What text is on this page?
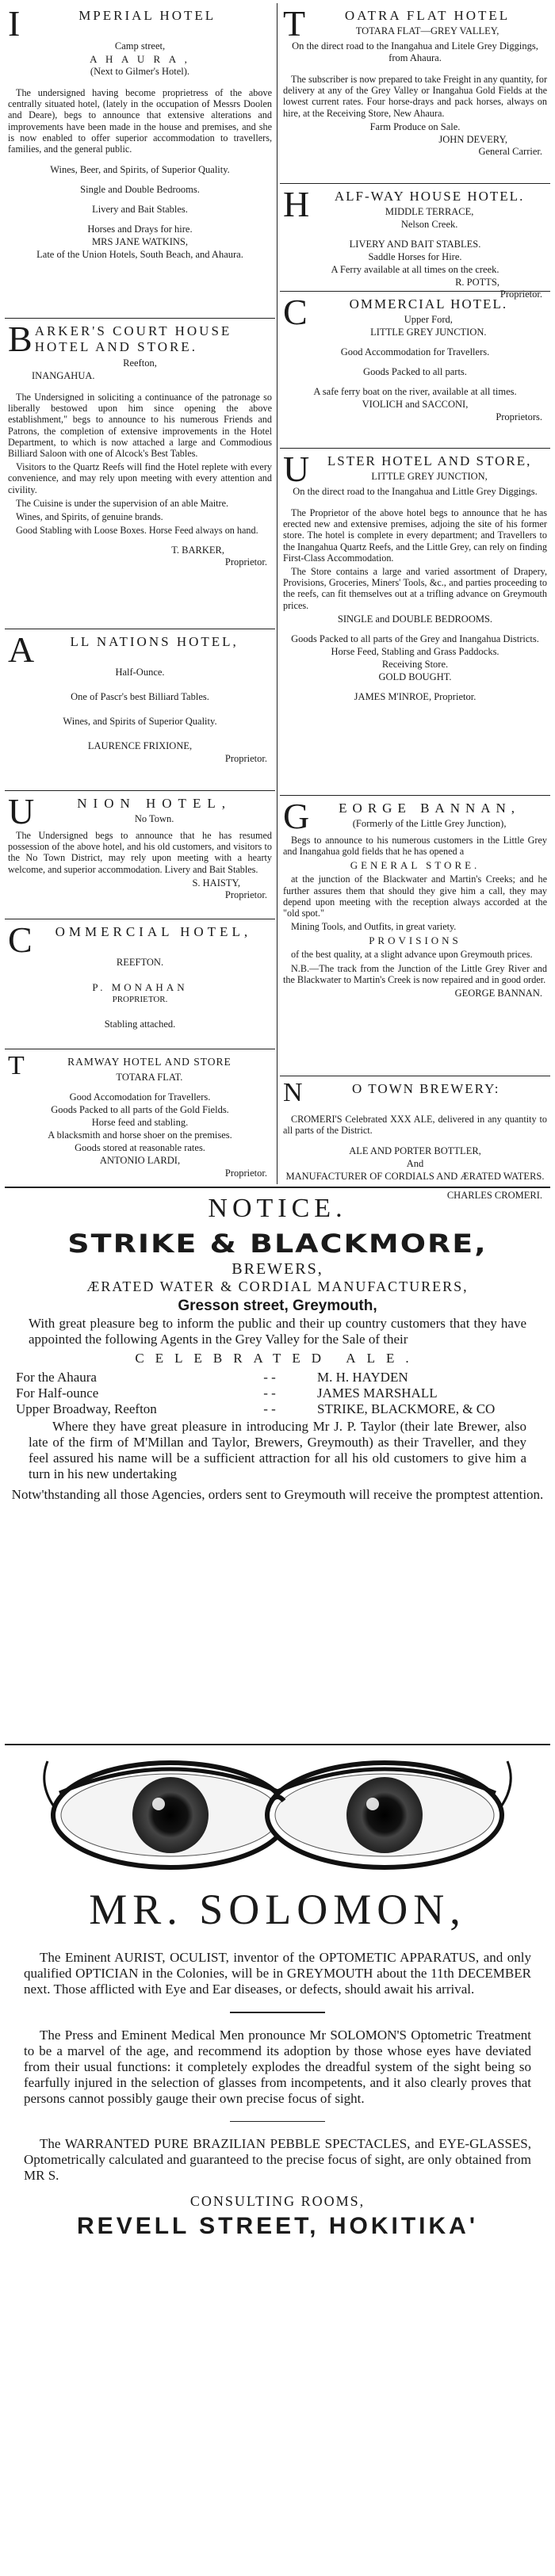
I	MPERIAL HOTEL
Camp street,
A H A U R A ,
(Next to Gilmer's Hotel).

The undersigned having become proprietress of the above centrally situated hotel, (lately in the occupation of Messrs Doolen and Deare), begs to announce that extensive alterations and improvements have been made in the house and premises, and she is now enabled to offer superior accommodation to travellers, families, and the general public.

Wines, Beer, and Spirits, of Superior Quality.
Single and Double Bedrooms.
Livery and Bait Stables.
Horses and Drays for hire.
MRS JANE WATKINS,
Late of the Union Hotels, South Beach, and Ahaura.
BARKER'S COURT HOUSE HOTEL AND STORE.
Reefton,
INANGAHUA.

The Undersigned in soliciting a continuance of the patronage so liberally bestowed upon him since opening the above establishment," begs to announce to his numerous Friends and Patrons, the completion of extensive improvements in the Hotel Department, to which is now attached a large and Commodious Billiard Saloon with one of Alcock's Best Tables.

Visitors to the Quartz Reefs will find the Hotel replete with every convenience, and may rely upon meeting with every attention and civility.

The Cuisine is under the supervision of an able Maitre.

Wines, and Spirits, of genuine brands.

Good Stabling with Loose Boxes. Horse Feed always on hand.

T. BARKER,
Proprietor.
A	LL NATIONS HOTEL,
Half-Ounce.
One of Pascr's best Billiard Tables.
Wines, and Spirits of Superior Quality.
LAURENCE FRIXIONE,
Proprietor.
U	NION HOTEL,
No Town.

The Undersigned begs to announce that he has resumed possession of the above hotel, and his old customers, and visitors to the No Town District, may rely upon meeting with a hearty welcome, and superior accommodation. Livery and Bait Stables.

S. HAISTY,
Proprietor.
C OMMERCIAL HOTEL,
REEFTON.
P. MONAHAN
PROPRIETOR.
Stabling attached.
T	RAMWAY HOTEL AND STORE
TOTARA FLAT.
Good Accomodation for Travellers.
Goods Packed to all parts of the Gold Fields.
Horse feed and stabling.
A blacksmith and horse shoer on the premises.
Goods stored at reasonable rates.
ANTONIO LARDI,
Proprietor.
T	OATRA FLAT HOTEL
TOTARA FLAT—GREY VALLEY,
On the direct road to the Inangahua and Litele Grey Diggings, from Ahaura.

The subscriber is now prepared to take Freight in any quantity, for delivery at any of the Grey Valley or Inangahua Gold Fields at the lowest current rates. Four horse-drays and pack horses, always on hire, at the Receiving Store, New Ahaura.

Farm Produce on Sale.
JOHN DEVERY,
General Carrier.
H ALF-WAY HOUSE HOTEL.
MIDDLE TERRACE,
Nelson Creek.
LIVERY AND BAIT STABLES.
Saddle Horses for Hire.
A Ferry available at all times on the creek.
R. POTTS,
Proprietor.
C	OMMERCIAL HOTEL.
Upper Ford,
LITTLE GREY JUNCTION.
Good Accommodation for Travellers.
Goods Packed to all parts.
A safe ferry boat on the river, available at all times.
VIOLICH and SACCONI,
Proprietors.
U LSTER HOTEL AND STORE,
LITTLE GREY JUNCTION,
On the direct road to the Inangahua and Little Grey Diggings.

The Proprietor of the above hotel begs to announce that he has erected new and extensive premises, adjoing the site of his former store. The hotel is complete in every department; and Travellers to the Inangahua Quartz Reefs, and the Little Grey, can rely on finding First-Class Accommodation.

The Store contains a large and varied assortment of Drapery, Provisions, Groceries, Miners' Tools, &c., and parties proceeding to the reefs, can fit themselves out at a trifling advance on Greymouth prices.

SINGLE and DOUBLE BEDROOMS.
Goods Packed to all parts of the Grey and Inangahua Districts.
Horse Feed, Stabling and Grass Paddocks.
Receiving Store.
GOLD BOUGHT.
JAMES M'INROE, Proprietor.
G EORGE BANNAN,
(Formerly of the Little Grey Junction),

Begs to announce to his numerous customers in the Little Grey and Inangahua gold fields that he has opened a

GENERAL STORE.

at the junction of the Blackwater and Martin's Creeks; and he further assures them that should they give him a call, they may depend upon meeting with the reception always accorded at the "old spot."

Mining Tools, and Outfits, in great variety.

PROVISIONS

of the best quality, at a slight advance upon Greymouth prices.

N.B.—The track from the Junction of the Little Grey River and the Blackwater to Martin's Creek is now repaired and in good order.

GEORGE BANNAN.
N	O TOWN BREWERY:

CROMERI'S Celebrated XXX ALE, delivered in any quantity to all parts of the District.

ALE AND PORTER BOTTLER,
And
MANUFACTURER OF CORDIALS AND ÆRATED WATERS.
CHARLES CROMERI.
NOTICE.
STRIKE & BLACKMORE,
BREWERS,
ÆRATED WATER & CORDIAL MANUFACTURERS,
Gresson street, Greymouth,

With great pleasure beg to inform the public and their up country customers that they have appointed the following Agents in the Grey Valley for the Sale of their

CELEBRATED ALE.
For the Ahaura	- -	M. H. HAYDEN
For Half-ounce	- -	JAMES MARSHALL
Upper Broadway, Reefton	- -	STRIKE, BLACKMORE, & CO

Where they have great pleasure in introducing Mr J. P. Taylor (their late Brewer, also late of the firm of M'Millan and Taylor, Brewers, Greymouth) as their Traveller, and they feel assured his name will be a sufficient attraction for all his old customers to give him a turn in his new undertaking

Notw'thstanding all those Agencies, orders sent to Greymouth will receive the promptest attention.
MR. SOLOMON,

The Eminent AURIST, OCULIST, inventor of the OPTOMETIC APPARATUS, and only qualified OPTICIAN in the Colonies, will be in GREYMOUTH about the 11th DECEMBER next. Those afflicted with Eye and Ear diseases, or defects, should await his arrival.

The Press and Eminent Medical Men pronounce Mr SOLOMON'S Optometric Treatment to be a marvel of the age, and recommend its adoption by those whose eyes have deviated from their usual functions: it completely explodes the dreadful system of the sight being so fearfully injured in the selection of glasses from incompetents, and it also clearly proves that persons cannot possibly gauge their own precise focus of sight.

The WARRANTED PURE BRAZILIAN PEBBLE SPECTACLES, and EYE-GLASSES, Optometrically calculated and guaranteed to the precise focus of sight, are only obtained from MR S.

CONSULTING ROOMS,
REVELL STREET, HOKITIKA'
